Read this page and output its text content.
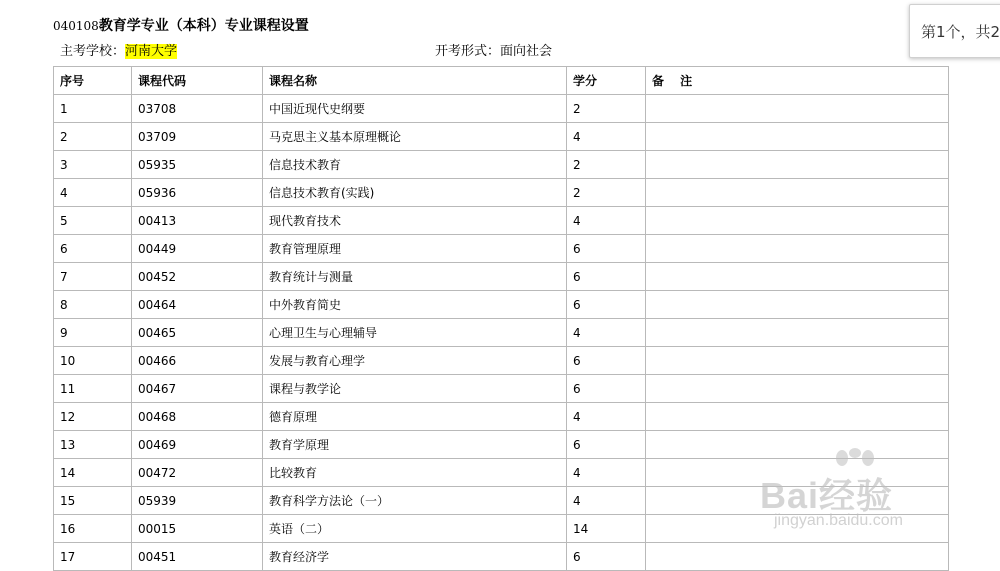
040108教育学专业（本科）专业课程设置
主考学校：河南大学	开考形式：面向社会
序号	课程代码	课程名称	学分	备 注
1	03708	中国近现代史纲要	2	
2	03709	马克思主义基本原理概论	4	
3	05935	信息技术教育	2	
4	05936	信息技术教育(实践)	2	
5	00413	现代教育技术	4	
6	00449	教育管理原理	6	
7	00452	教育统计与测量	6	
8	00464	中外教育简史	6	
9	00465	心理卫生与心理辅导	4	
10	00466	发展与教育心理学	6	
11	00467	课程与教学论	6	
12	00468	德育原理	4	
13	00469	教育学原理	6	
14	00472	比较教育	4	
15	05939	教育科学方法论（一）	4	
16	00015	英语（二）	14	
17	00451	教育经济学	6	
第1个，共2
Bai经验
jingyan.baidu.com
